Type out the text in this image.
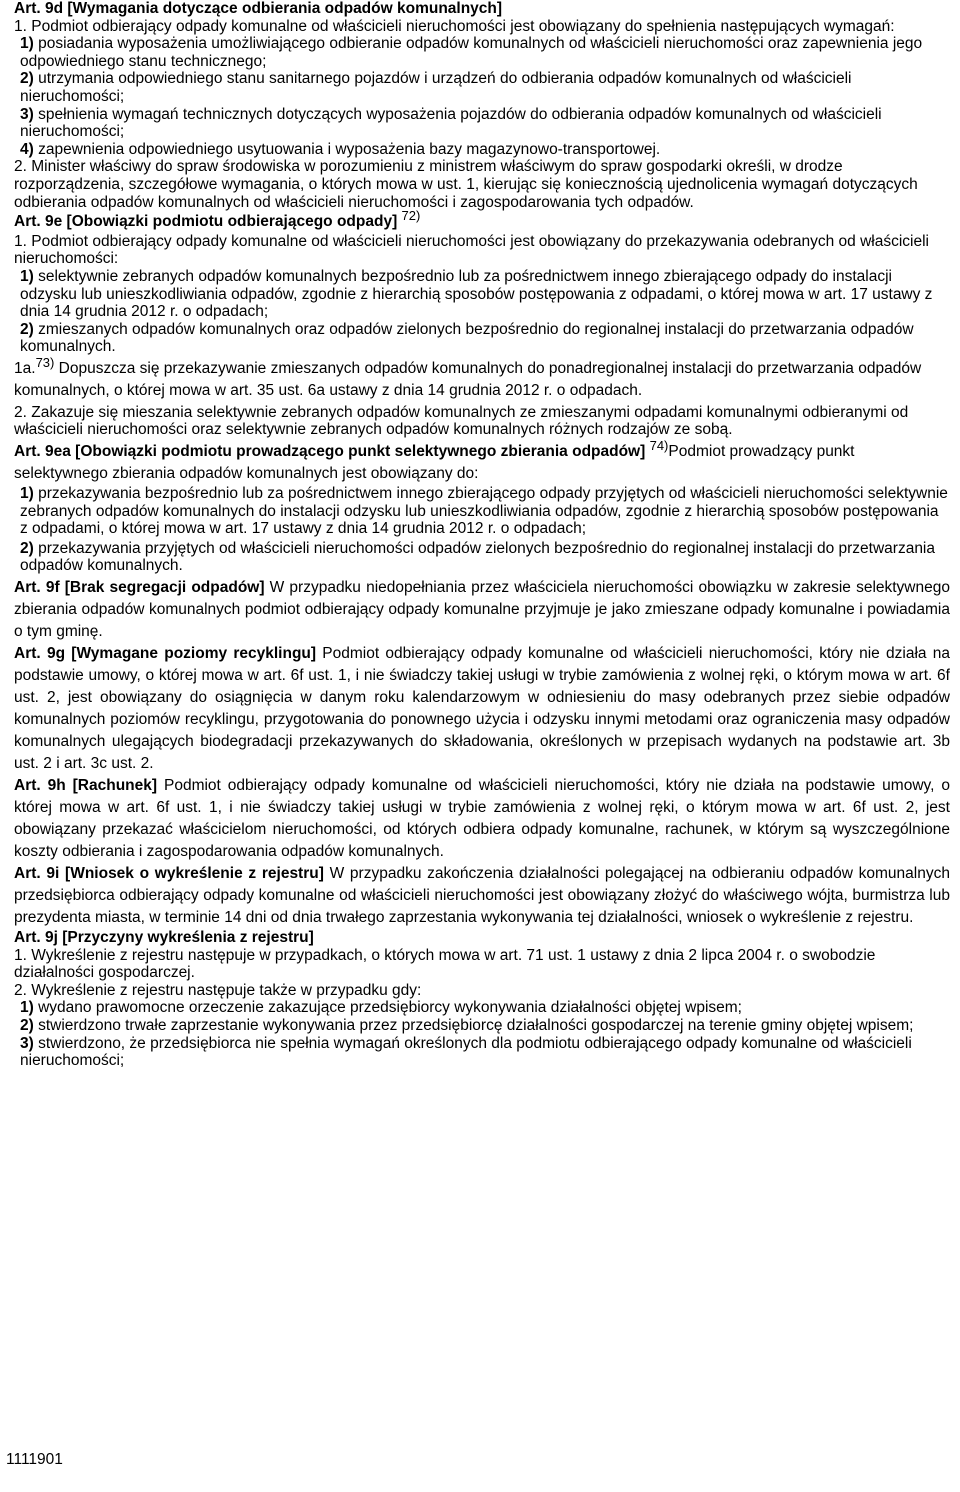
Art. 9d [Wymagania dotyczące odbierania odpadów komunalnych]

1. Podmiot odbierający odpady komunalne od właścicieli nieruchomości jest obowiązany do spełnienia następujących wymagań:

1) posiadania wyposażenia umożliwiającego odbieranie odpadów komunalnych od właścicieli nieruchomości oraz zapewnienia jego odpowiedniego stanu technicznego;

2) utrzymania odpowiedniego stanu sanitarnego pojazdów i urządzeń do odbierania odpadów komunalnych od właścicieli nieruchomości;

3) spełnienia wymagań technicznych dotyczących wyposażenia pojazdów do odbierania odpadów komunalnych od właścicieli nieruchomości;

4) zapewnienia odpowiedniego usytuowania i wyposażenia bazy magazynowo-transportowej.

2. Minister właściwy do spraw środowiska w porozumieniu z ministrem właściwym do spraw gospodarki określi, w drodze rozporządzenia, szczegółowe wymagania, o których mowa w ust. 1, kierując się koniecznością ujednolicenia wymagań dotyczących odbierania odpadów komunalnych od właścicieli nieruchomości i zagospodarowania tych odpadów.

Art. 9e [Obowiązki podmiotu odbierającego odpady] $^{72)}$

1. Podmiot odbierający odpady komunalne od właścicieli nieruchomości jest obowiązany do przekazywania odebranych od właścicieli nieruchomości:

1) selektywnie zebranych odpadów komunalnych bezpośrednio lub za pośrednictwem innego zbierającego odpady do instalacji odzysku lub unieszkodliwiania odpadów, zgodnie z hierarchią sposobów postępowania z odpadami, o której mowa w art. 17 ustawy z dnia 14 grudnia 2012 r. o odpadach;

2) zmieszanych odpadów komunalnych oraz odpadów zielonych bezpośrednio do regionalnej instalacji do przetwarzania odpadów komunalnych.

1a.$^{73)}$ Dopuszcza się przekazywanie zmieszanych odpadów komunalnych do ponadregionalnej instalacji do przetwarzania odpadów komunalnych, o której mowa w art. 35 ust. 6a ustawy z dnia 14 grudnia 2012 r. o odpadach.

2. Zakazuje się mieszania selektywnie zebranych odpadów komunalnych ze zmieszanymi odpadami komunalnymi odbieranymi od właścicieli nieruchomości oraz selektywnie zebranych odpadów komunalnych różnych rodzajów ze sobą.

Art. 9ea [Obowiązki podmiotu prowadzącego punkt selektywnego zbierania odpadów] $^{74)}$Podmiot prowadzący punkt selektywnego zbierania odpadów komunalnych jest obowiązany do:

1) przekazywania bezpośrednio lub za pośrednictwem innego zbierającego odpady przyjętych od właścicieli nieruchomości selektywnie zebranych odpadów komunalnych do instalacji odzysku lub unieszkodliwiania odpadów, zgodnie z hierarchią sposobów postępowania z odpadami, o której mowa w art. 17 ustawy z dnia 14 grudnia 2012 r. o odpadach;

2) przekazywania przyjętych od właścicieli nieruchomości odpadów zielonych bezpośrednio do regionalnej instalacji do przetwarzania odpadów komunalnych.

Art. 9f [Brak segregacji odpadów] W przypadku niedopełniania przez właściciela nieruchomości obowiązku w zakresie selektywnego zbierania odpadów komunalnych podmiot odbierający odpady komunalne przyjmuje je jako zmieszane odpady komunalne i powiadamia o tym gminę.

Art. 9g [Wymagane poziomy recyklingu] Podmiot odbierający odpady komunalne od właścicieli nieruchomości, który nie działa na podstawie umowy, o której mowa w art. 6f ust. 1, i nie świadczy takiej usługi w trybie zamówienia z wolnej ręki, o którym mowa w art. 6f ust. 2, jest obowiązany do osiągnięcia w danym roku kalendarzowym w odniesieniu do masy odebranych przez siebie odpadów komunalnych poziomów recyklingu, przygotowania do ponownego użycia i odzysku innymi metodami oraz ograniczenia masy odpadów komunalnych ulegających biodegradacji przekazywanych do składowania, określonych w przepisach wydanych na podstawie art. 3b ust. 2 i art. 3c ust. 2.

Art. 9h [Rachunek] Podmiot odbierający odpady komunalne od właścicieli nieruchomości, który nie działa na podstawie umowy, o której mowa w art. 6f ust. 1, i nie świadczy takiej usługi w trybie zamówienia z wolnej ręki, o którym mowa w art. 6f ust. 2, jest obowiązany przekazać właścicielom nieruchomości, od których odbiera odpady komunalne, rachunek, w którym są wyszczególnione koszty odbierania i zagospodarowania odpadów komunalnych.

Art. 9i [Wniosek o wykreślenie z rejestru] W przypadku zakończenia działalności polegającej na odbieraniu odpadów komunalnych przedsiębiorca odbierający odpady komunalne od właścicieli nieruchomości jest obowiązany złożyć do właściwego wójta, burmistrza lub prezydenta miasta, w terminie 14 dni od dnia trwałego zaprzestania wykonywania tej działalności, wniosek o wykreślenie z rejestru.

Art. 9j [Przyczyny wykreślenia z rejestru]

1. Wykreślenie z rejestru następuje w przypadkach, o których mowa w art. 71 ust. 1 ustawy z dnia 2 lipca 2004 r. o swobodzie działalności gospodarczej.

2. Wykreślenie z rejestru następuje także w przypadku gdy:

1) wydano prawomocne orzeczenie zakazujące przedsiębiorcy wykonywania działalności objętej wpisem;

2) stwierdzono trwałe zaprzestanie wykonywania przez przedsiębiorcę działalności gospodarczej na terenie gminy objętej wpisem;

3) stwierdzono, że przedsiębiorca nie spełnia wymagań określonych dla podmiotu odbierającego odpady komunalne od właścicieli nieruchomości;

1111901
